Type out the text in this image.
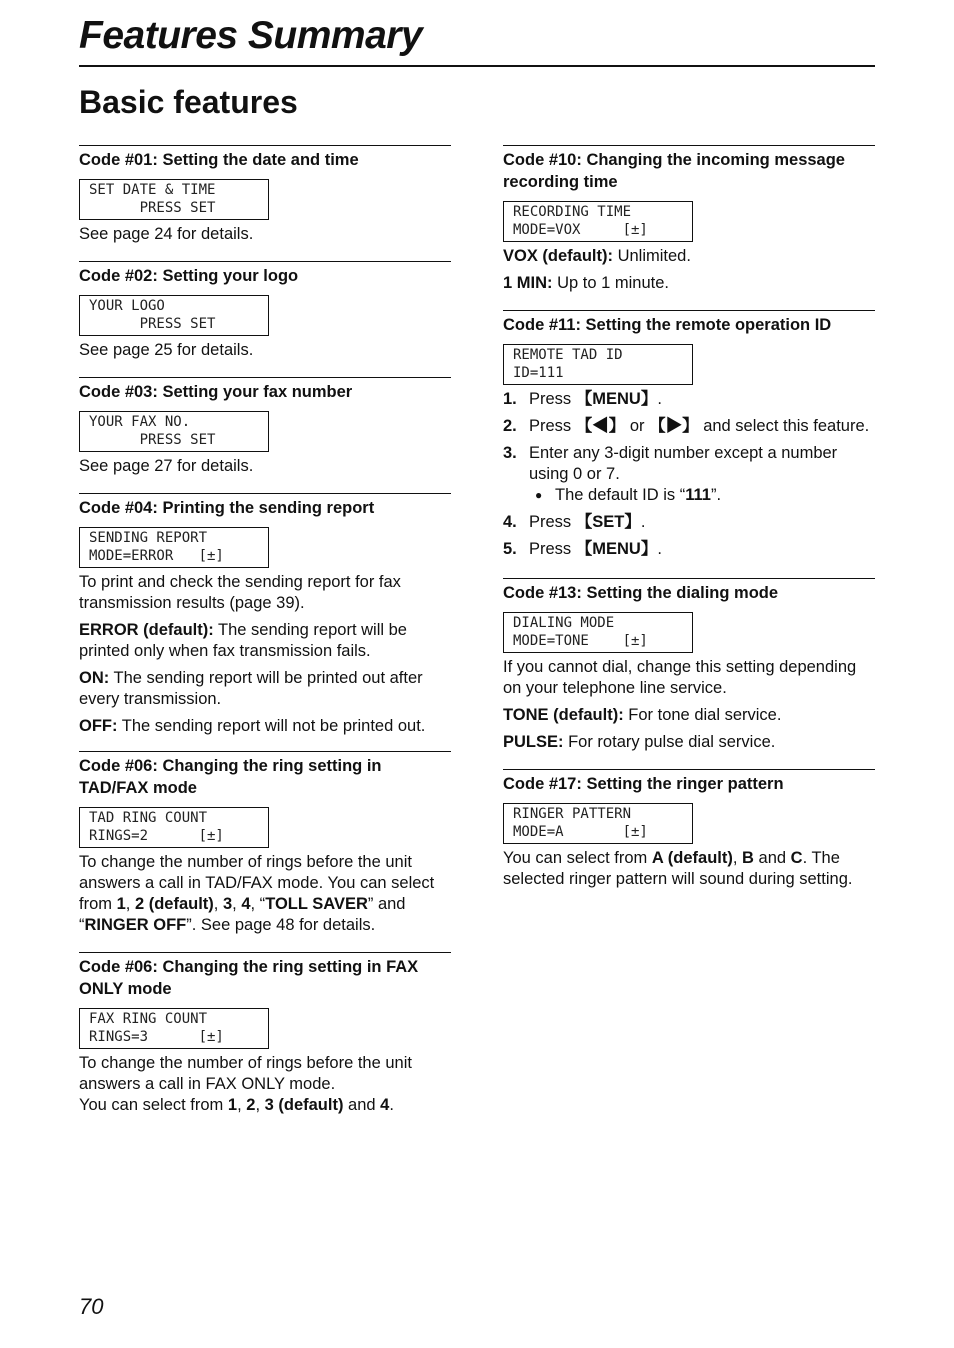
Features Summary
Basic features
Code #01: Setting the date and time
SET DATE & TIME
PRESS SET

See page 24 for details.

Code #02: Setting your logo
YOUR LOGO
PRESS SET

See page 25 for details.

Code #03: Setting your fax number
YOUR FAX NO.
PRESS SET

See page 27 for details.

Code #04: Printing the sending report
SENDING REPORT
MODE=ERROR   [±]

To print and check the sending report for fax transmission results (page 39).

ERROR (default): The sending report will be printed only when fax transmission fails.

ON: The sending report will be printed out after every transmission.

OFF: The sending report will not be printed out.

Code #06: Changing the ring setting in TAD/FAX mode
TAD RING COUNT
RINGS=2      [±]

To change the number of rings before the unit answers a call in TAD/FAX mode. You can select from 1, 2 (default), 3, 4, “TOLL SAVER” and “RINGER OFF”. See page 48 for details.

Code #06: Changing the ring setting in FAX ONLY mode
FAX RING COUNT
RINGS=3      [±]

To change the number of rings before the unit answers a call in FAX ONLY mode.
You can select from 1, 2, 3 (default) and 4.

Code #10: Changing the incoming message recording time
RECORDING TIME
MODE=VOX     [±]

VOX (default): Unlimited.

1 MIN: Up to 1 minute.

Code #11: Setting the remote operation ID
REMOTE TAD ID
ID=111
1. Press 【MENU】.
2. Press 【◀】 or 【▶】 and select this feature.
3. Enter any 3-digit number except a number using 0 or 7.
● The default ID is “111”.
4. Press 【SET】.
5. Press 【MENU】.
Code #13: Setting the dialing mode
DIALING MODE
MODE=TONE    [±]

If you cannot dial, change this setting depending on your telephone line service.

TONE (default): For tone dial service.

PULSE: For rotary pulse dial service.

Code #17: Setting the ringer pattern
RINGER PATTERN
MODE=A       [±]

You can select from A (default), B and C. The selected ringer pattern will sound during setting.

70
